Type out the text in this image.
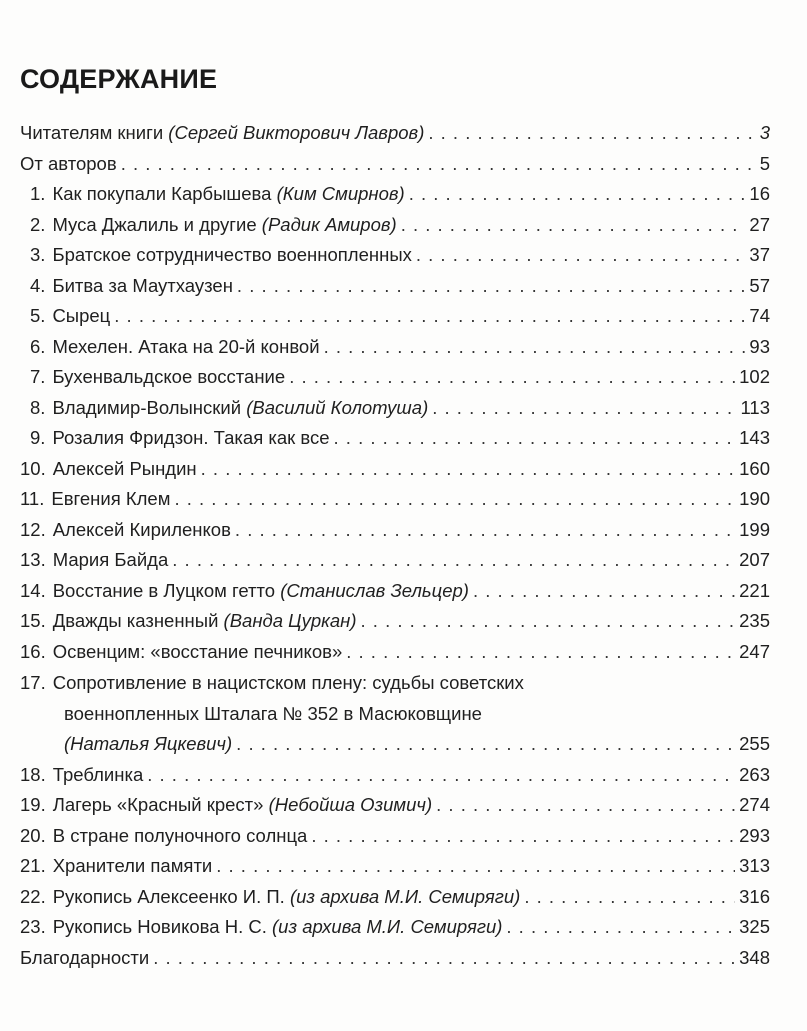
СОДЕРЖАНИЕ
Читателям книги (Сергей Викторович Лавров) . . .	3
От авторов . . .	5
1. Как покупали Карбышева (Ким Смирнов) . . .	16
2. Муса Джалиль и другие (Радик Амиров) . . .	27
3. Братское сотрудничество военнопленных . . .	37
4. Битва за Маутхаузен . . .	57
5. Сырец . . .	74
6. Мехелен. Атака на 20-й конвой . . .	93
7. Бухенвальдское восстание . . .	102
8. Владимир-Волынский (Василий Колотуша) . . .	113
9. Розалия Фридзон. Такая как все . . .	143
10. Алексей Рындин . . .	160
11. Евгения Клем . . .	190
12. Алексей Кириленков . . .	199
13. Мария Байда . . .	207
14. Восстание в Луцком гетто (Станислав Зельцер) . . .	221
15. Дважды казненный (Ванда Цуркан) . . .	235
16. Освенцим: «восстание печников» . . .	247
17. Сопротивление в нацистском плену: судьбы советских
военнопленных Шталага № 352 в Масюковщине
(Наталья Яцкевич) . . .	255
18. Треблинка . . .	263
19. Лагерь «Красный крест» (Небойша Озимич) . . .	274
20. В стране полуночного солнца . . .	293
21. Хранители памяти . . .	313
22. Рукопись Алексеенко И. П. (из архива М.И. Семиряги) . . .	316
23. Рукопись Новикова Н. С. (из архива М.И. Семиряги) . . .	325
Благодарности . . .	348
